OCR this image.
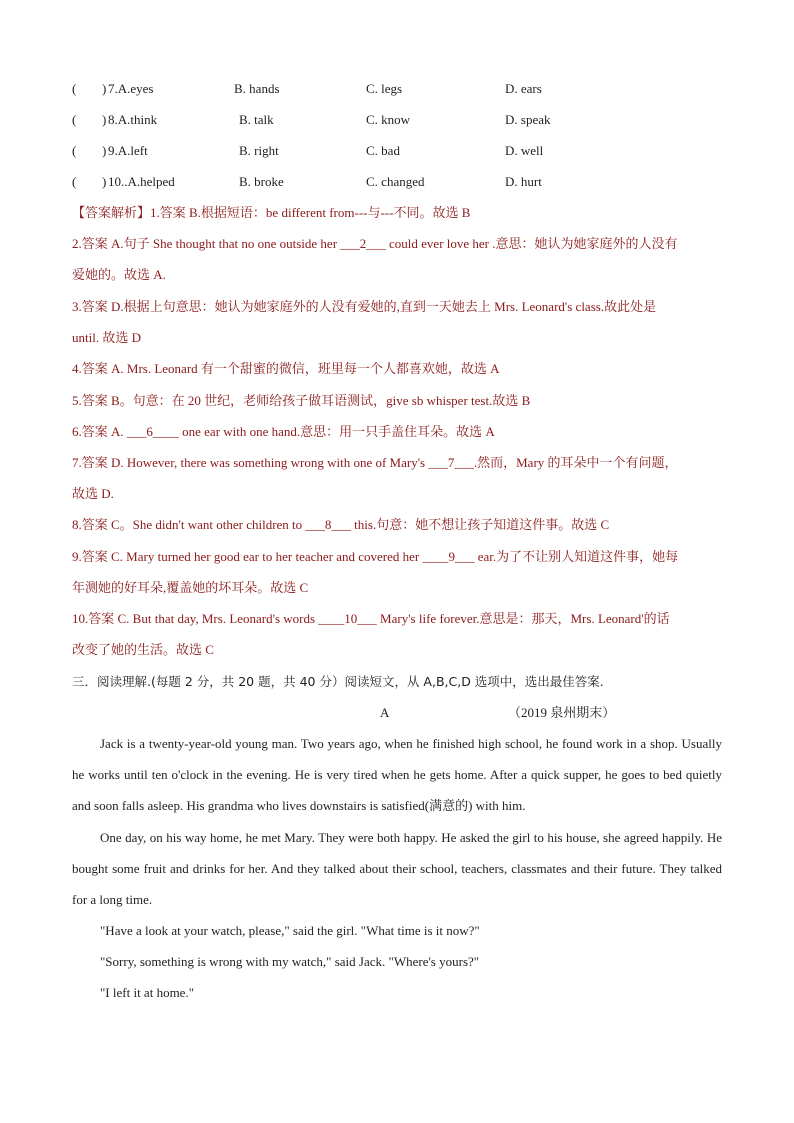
( ) 7.A.eyes	B. hands	C. legs	D. ears
( ) 8.A.think	B. talk	C. know	D. speak
( ) 9.A.left	B. right	C. bad	D. well
( ) 10..A.helped	B. broke	C. changed	D. hurt
【答案解析】1.答案 B.根据短语：be different from---与---不同。故选 B
2.答案 A.句子 She thought that no one outside her ___2___ could ever love her .意思：她认为她家庭外的人没有
爱她的。故选 A.
3.答案 D.根据上句意思：她认为她家庭外的人没有爱她的,直到一天她去上 Mrs. Leonard's class.故此处是
until. 故选 D
4.答案 A. Mrs. Leonard 有一个甜蜜的微信，班里每一个人都喜欢她，故选 A
5.答案 B。句意：在 20 世纪，老师给孩子做耳语测试，give sb whisper test.故选 B
6.答案 A. ___6____ one ear with one hand.意思：用一只手盖住耳朵。故选 A
7.答案 D. However, there was something wrong with one of Mary's ___7___.然而，Mary 的耳朵中一个有问题，
故选 D.
8.答案 C。She didn't want other children to ___8___ this.句意：她不想让孩子知道这件事。故选 C
9.答案 C. Mary turned her good ear to her teacher and covered her ____9___ ear.为了不让别人知道这件事，她每
年测她的好耳朵,覆盖她的坏耳朵。故选 C
10.答案 C. But that day, Mrs. Leonard's words ____10___ Mary's life forever.意思是：那天，Mrs. Leonard'的话
改变了她的生活。故选 C
三．阅读理解.(每题 2 分，共 20 题，共 40 分）阅读短文，从 A,B,C,D 选项中，选出最佳答案.
A	（2019 泉州期末）
Jack is a twenty-year-old young man. Two years ago, when he finished high school, he found work in a shop. Usually he works until ten o'clock in the evening. He is very tired when he gets home. After a quick supper, he goes to bed quietly and soon falls asleep. His grandma who lives downstairs is satisfied(满意的) with him.
One day, on his way home, he met Mary. They were both happy. He asked the girl to his house, she agreed happily. He bought some fruit and drinks for her. And they talked about their school, teachers, classmates and their future. They talked for a long time.
"Have a look at your watch, please," said the girl. "What time is it now?"
"Sorry, something is wrong with my watch," said Jack. "Where's yours?"
"I left it at home."
